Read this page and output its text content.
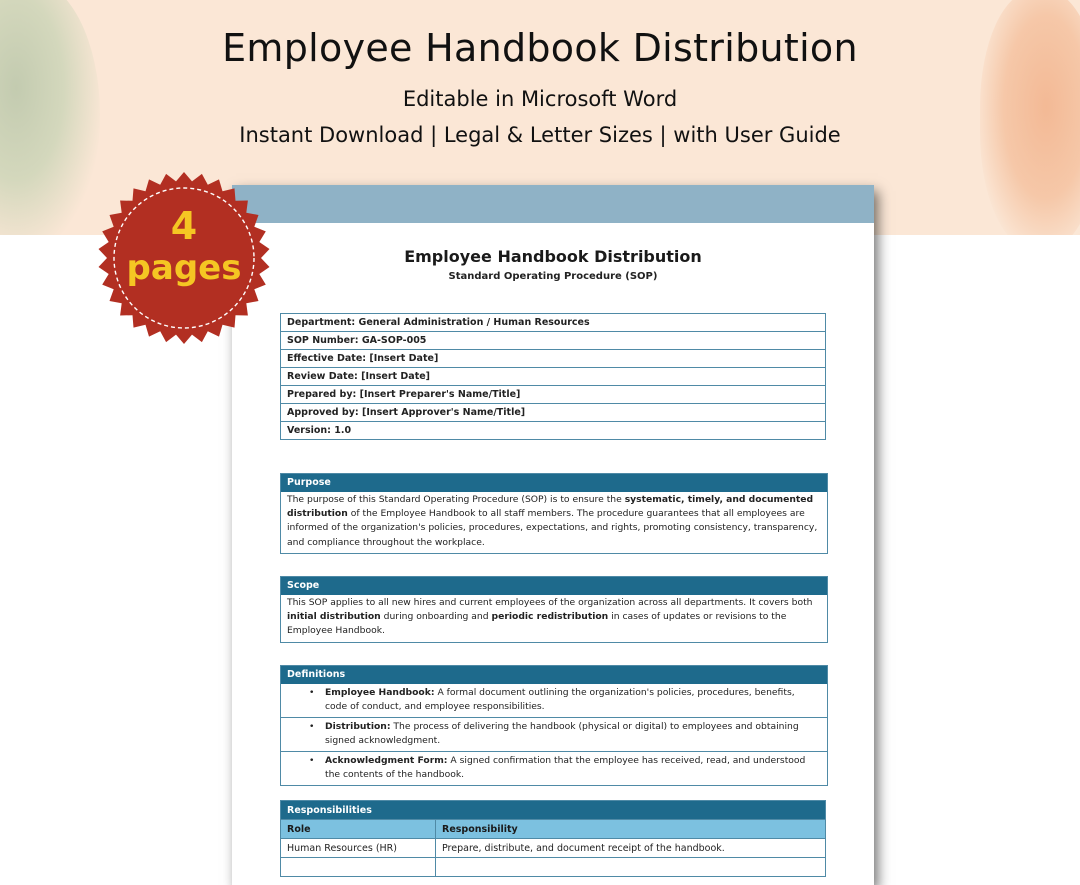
Employee Handbook Distribution
Editable in Microsoft Word
Instant Download | Legal & Letter Sizes | with User Guide
Employee Handbook Distribution
Standard Operating Procedure (SOP)
Department: General Administration / Human Resources
SOP Number: GA-SOP-005
Effective Date: [Insert Date]
Review Date: [Insert Date]
Prepared by: [Insert Preparer's Name/Title]
Approved by: [Insert Approver's Name/Title]
Version: 1.0
Purpose
The purpose of this Standard Operating Procedure (SOP) is to ensure the systematic, timely, and documented distribution of the Employee Handbook to all staff members. The procedure guarantees that all employees are informed of the organization's policies, procedures, expectations, and rights, promoting consistency, transparency, and compliance throughout the workplace.
Scope
This SOP applies to all new hires and current employees of the organization across all departments. It covers both initial distribution during onboarding and periodic redistribution in cases of updates or revisions to the Employee Handbook.
Definitions
• Employee Handbook: A formal document outlining the organization's policies, procedures, benefits, code of conduct, and employee responsibilities.
• Distribution: The process of delivering the handbook (physical or digital) to employees and obtaining signed acknowledgment.
• Acknowledgment Form: A signed confirmation that the employee has received, read, and understood the contents of the handbook.
Responsibilities	
Role	Responsibility
Human Resources (HR)	Prepare, distribute, and document receipt of the handbook.

4
pages
